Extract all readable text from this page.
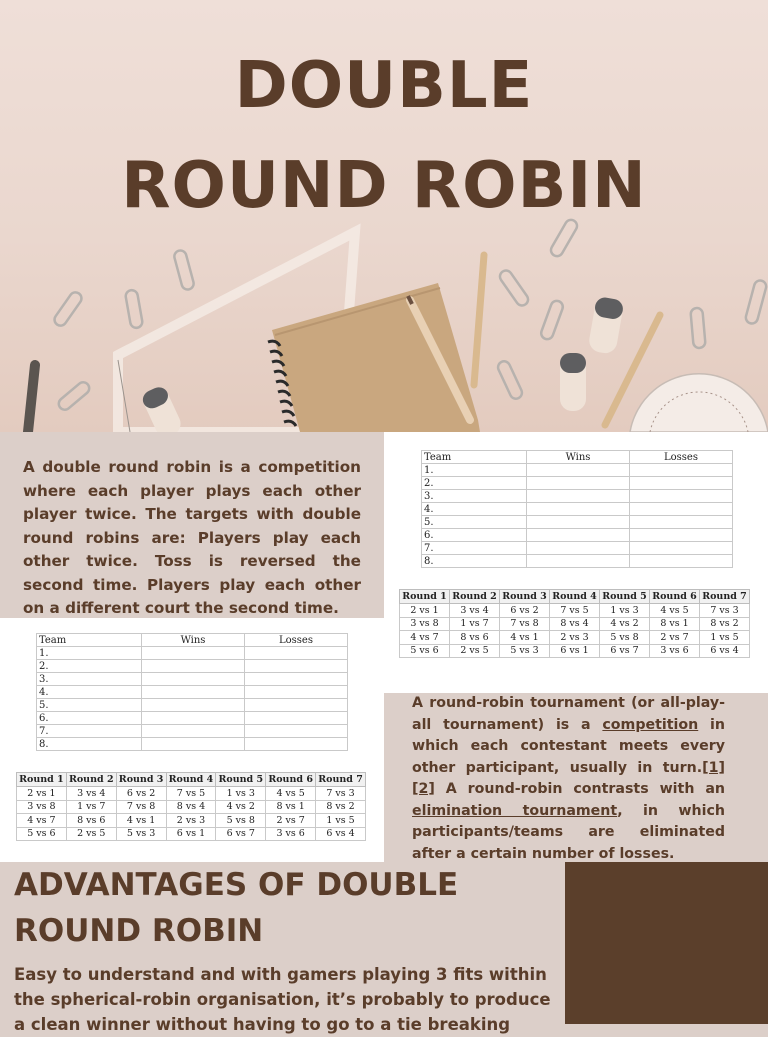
DOUBLE
ROUND ROBIN

A double round robin is a competition where each player plays each other player twice. The targets with double round robins are: Players play each other twice. Toss is reversed the second time. Players play each other on a different court the second time.

Team	Wins	Losses
1.		
2.		
3.		
4.		
5.		
6.		
7.		
8.		
Round 1	Round 2	Round 3	Round 4	Round 5	Round 6	Round 7
2 vs 1	3 vs 4	6 vs 2	7 vs 5	1 vs 3	4 vs 5	7 vs 3
3 vs 8	1 vs 7	7 vs 8	8 vs 4	4 vs 2	8 vs 1	8 vs 2
4 vs 7	8 vs 6	4 vs 1	2 vs 3	5 vs 8	2 vs 7	1 vs 5
5 vs 6	2 vs 5	5 vs 3	6 vs 1	6 vs 7	3 vs 6	6 vs 4
Team	Wins	Losses
1.		
2.		
3.		
4.		
5.		
6.		
7.		
8.		
Round 1	Round 2	Round 3	Round 4	Round 5	Round 6	Round 7
2 vs 1	3 vs 4	6 vs 2	7 vs 5	1 vs 3	4 vs 5	7 vs 3
3 vs 8	1 vs 7	7 vs 8	8 vs 4	4 vs 2	8 vs 1	8 vs 2
4 vs 7	8 vs 6	4 vs 1	2 vs 3	5 vs 8	2 vs 7	1 vs 5
5 vs 6	2 vs 5	5 vs 3	6 vs 1	6 vs 7	3 vs 6	6 vs 4

A round-robin tournament (or all-play-all tournament) is a competition in which each contestant meets every other participant, usually in turn.[1][2] A round-robin contrasts with an elimination tournament, in which participants/teams are eliminated after a certain number of losses.

ADVANTAGES OF DOUBLE
ROUND ROBIN

Easy to understand and with gamers playing 3 fits within the spherical-robin organisation, it’s probably to produce a clean winner without having to go to a tie breaking
